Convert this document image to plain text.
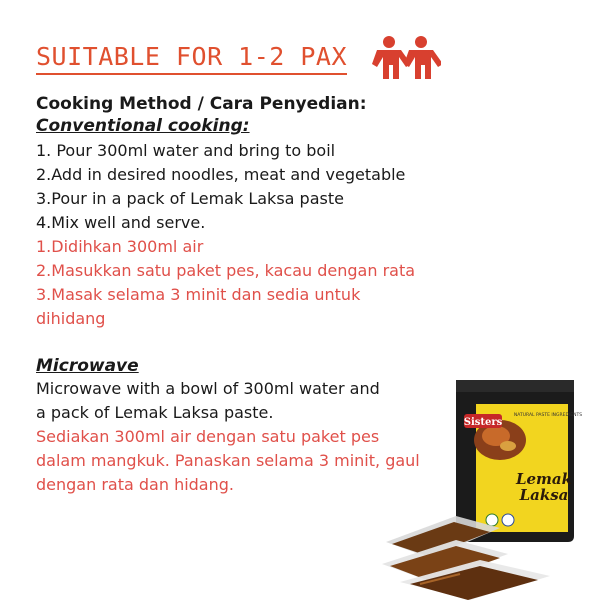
SUITABLE FOR 1-2 PAX
Cooking Method / Cara Penyedian:
Conventional cooking:
1. Pour 300ml water and bring to boil
2.Add in desired noodles, meat and vegetable
3.Pour in a pack of Lemak Laksa paste
4.Mix well and serve.
1.Didihkan 300ml air
2.Masukkan satu paket pes, kacau dengan rata
3.Masak selama 3 minit dan sedia untuk
dihidang
Microwave
Microwave with a bowl of 300ml water and
a pack of Lemak Laksa paste.
Sediakan 300ml air dengan satu paket pes
dalam mangkuk. Panaskan selama 3 minit, gaul
dengan rata dan hidang.
Sisters
NATURAL PASTE INGREDIENTS
Lemak
Laksa
